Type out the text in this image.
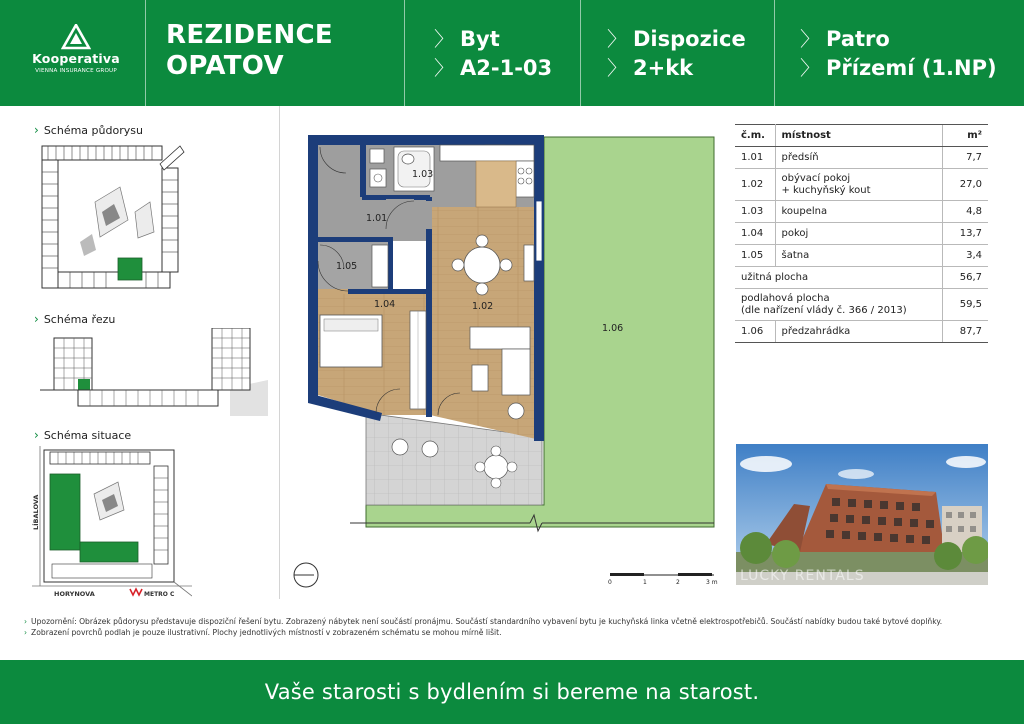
Kooperativa
VIENNA INSURANCE GROUP
REZIDENCE
OPATOV
〉 Byt
〉 A2-1-03
〉 Dispozice
〉 2+kk
〉 Patro
〉 Přízemí (1.NP)
› Schéma půdorysu
› Schéma řezu
› Schéma situace
LÍBALOVA
HORYNOVA	METRO C
1.01
1.02
1.03
1.04
1.05
1.06
0	1	2	3 m
č.m.	místnost	m²
1.01	předsíň	7,7
1.02	obývací pokoj
+ kuchyňský kout	27,0
1.03	koupelna	4,8
1.04	pokoj	13,7
1.05	šatna	3,4
užitná plocha		56,7

podlahová plocha
(dle nařízení vlády č. 366 / 2013)		59,5
1.06	předzahrádka	87,7
LUCKY RENTALS
› Upozornění: Obrázek půdorysu představuje dispoziční řešení bytu. Zobrazený nábytek není součástí pronájmu. Součástí standardního vybavení bytu je kuchyňská linka včetně elektrospotřebičů. Součástí nabídky budou také bytové doplňky.
› Zobrazení povrchů podlah je pouze ilustrativní. Plochy jednotlivých místností v zobrazeném schématu se mohou mírně lišit.
Vaše starosti s bydlením si bereme na starost.
